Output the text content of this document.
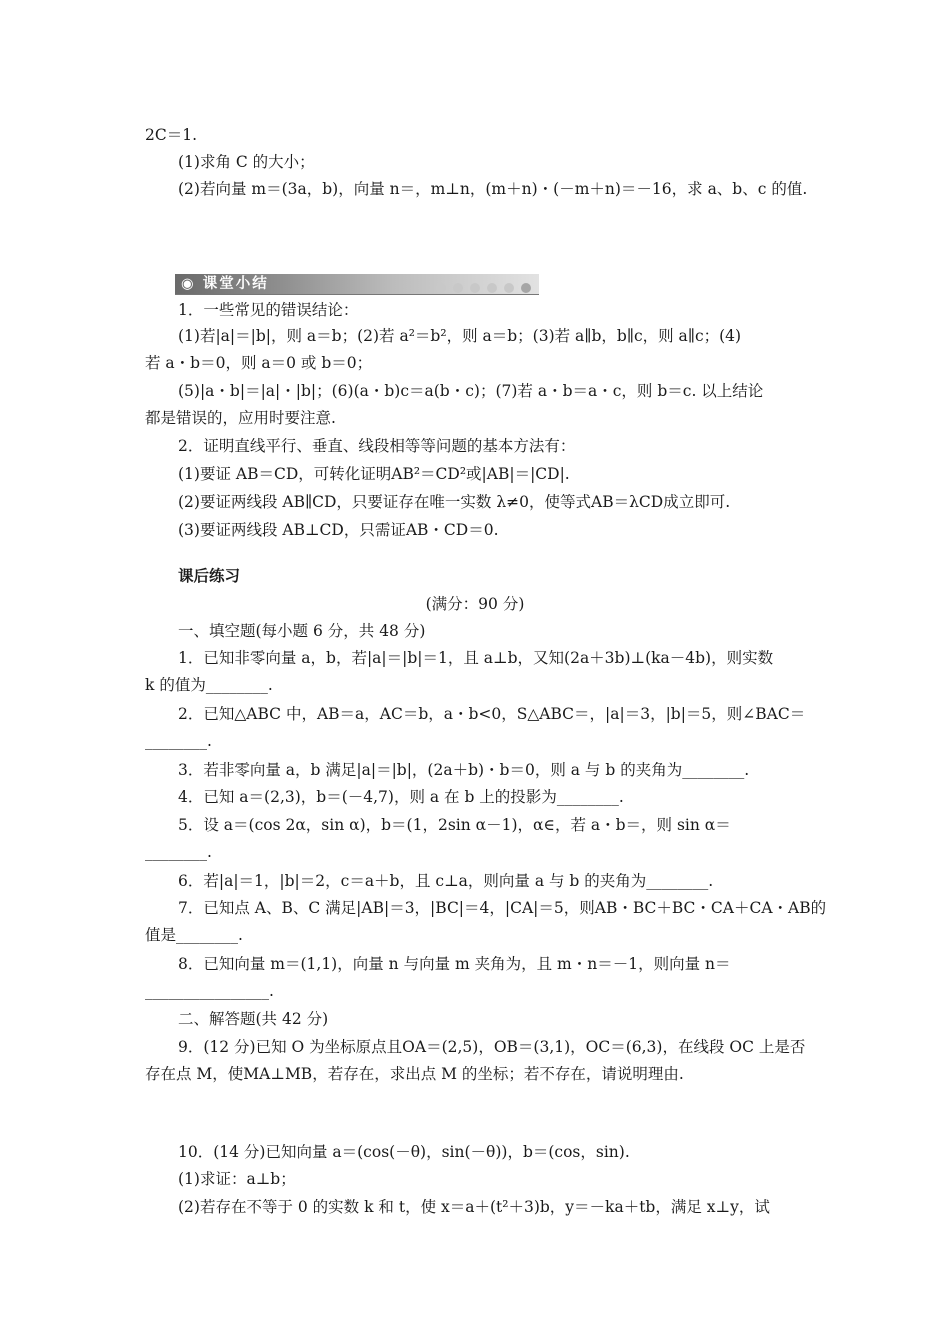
2C＝1.
(1)求角 C 的大小；
(2)若向量 m＝(3a，b)，向量 n＝，m⊥n，(m＋n)・(－m＋n)＝－16，求 a、b、c 的值.
◉ 课堂小结
1．一些常见的错误结论：
(1)若|a|＝|b|，则 a＝b；(2)若 a²＝b²，则 a＝b；(3)若 a∥b，b∥c，则 a∥c；(4)
若 a・b＝0，则 a＝0 或 b＝0；
(5)|a・b|＝|a|・|b|；(6)(a・b)c＝a(b・c)；(7)若 a・b＝a・c，则 b＝c. 以上结论
都是错误的，应用时要注意.
2．证明直线平行、垂直、线段相等等问题的基本方法有：
(1)要证 AB＝CD，可转化证明AB²＝CD²或|AB|＝|CD|.
(2)要证两线段 AB∥CD，只要证存在唯一实数 λ≠0，使等式AB＝λCD成立即可.
(3)要证两线段 AB⊥CD，只需证AB・CD＝0.
课后练习
(满分：90 分)
一、填空题(每小题 6 分，共 48 分)
1．已知非零向量 a，b，若|a|＝|b|＝1，且 a⊥b，又知(2a＋3b)⊥(ka－4b)，则实数
k 的值为________.
2．已知△ABC 中，AB＝a，AC＝b，a・b<0，S△ABC＝，|a|＝3，|b|＝5，则∠BAC＝
________.
3．若非零向量 a，b 满足|a|＝|b|，(2a＋b)・b＝0，则 a 与 b 的夹角为________.
4．已知 a＝(2,3)，b＝(－4,7)，则 a 在 b 上的投影为________.
5．设 a＝(cos 2α，sin α)，b＝(1，2sin α－1)，α∈，若 a・b＝，则 sin α＝
________.
6．若|a|＝1，|b|＝2，c＝a＋b，且 c⊥a，则向量 a 与 b 的夹角为________.
7．已知点 A、B、C 满足|AB|＝3，|BC|＝4，|CA|＝5，则AB・BC＋BC・CA＋CA・AB的
值是________.
8．已知向量 m＝(1,1)，向量 n 与向量 m 夹角为，且 m・n＝－1，则向量 n＝
________________.
二、解答题(共 42 分)
9．(12 分)已知 O 为坐标原点且OA＝(2,5)，OB＝(3,1)，OC＝(6,3)，在线段 OC 上是否
存在点 M，使MA⊥MB，若存在，求出点 M 的坐标；若不存在，请说明理由.
10．(14 分)已知向量 a＝(cos(－θ)，sin(－θ))，b＝(cos，sin).
(1)求证：a⊥b；
(2)若存在不等于 0 的实数 k 和 t，使 x＝a＋(t²＋3)b，y＝－ka＋tb，满足 x⊥y，试
